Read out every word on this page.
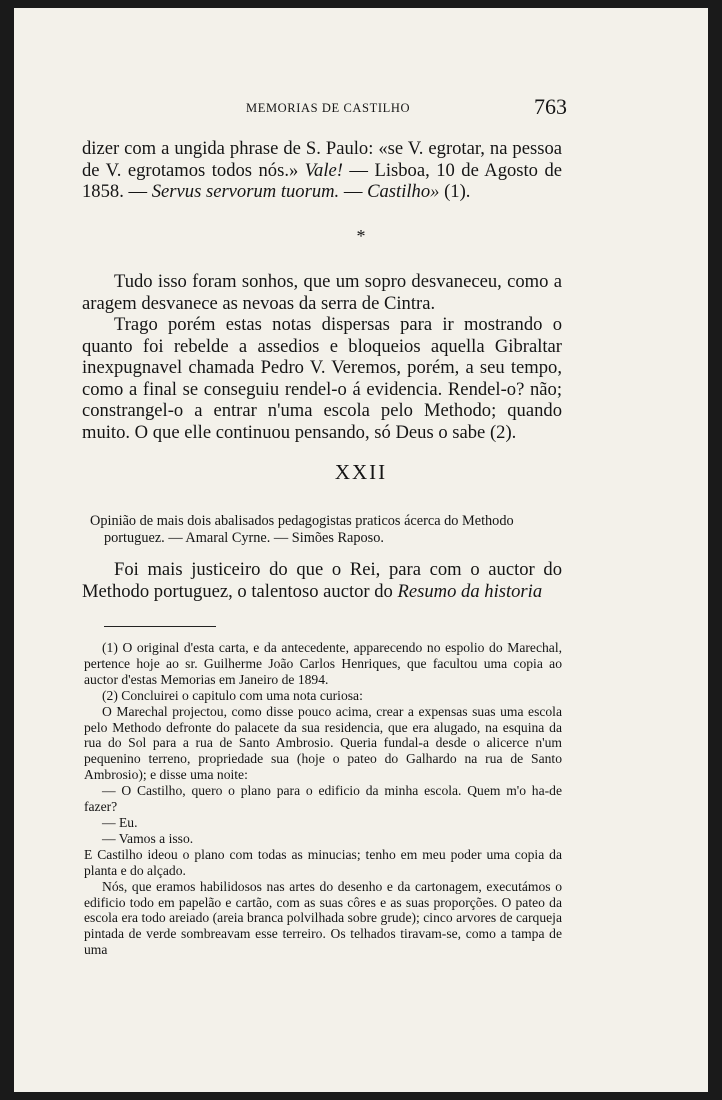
MEMORIAS DE CASTILHO	763

dizer com a ungida phrase de S. Paulo: «se V. egrotar, na pessoa de V. egrotamos todos nós.» Vale! — Lisboa, 10 de Agosto de 1858. — Servus servorum tuorum. — Castilho» (1).

*

Tudo isso foram sonhos, que um sopro desvaneceu, como a aragem desvanece as nevoas da serra de Cintra.

Trago porém estas notas dispersas para ir mostrando o quanto foi rebelde a assedios e bloqueios aquella Gibraltar inexpugnavel chamada Pedro V. Veremos, porém, a seu tempo, como a final se conseguiu rendel-o á evidencia. Rendel-o? não; constrangel-o a entrar n'uma escola pelo Methodo; quando muito. O que elle continuou pensando, só Deus o sabe (2).

XXII
Opinião de mais dois abalisados pedagogistas praticos ácerca do Methodo
portuguez. — Amaral Cyrne. — Simões Raposo.

Foi mais justiceiro do que o Rei, para com o auctor do Methodo portuguez, o talentoso auctor do Resumo da historia

(1) O original d'esta carta, e da antecedente, apparecendo no espolio do Marechal, pertence hoje ao sr. Guilherme João Carlos Henriques, que facultou uma copia ao auctor d'estas Memorias em Janeiro de 1894.

(2) Concluirei o capitulo com uma nota curiosa:

O Marechal projectou, como disse pouco acima, crear a expensas suas uma escola pelo Methodo defronte do palacete da sua residencia, que era alugado, na esquina da rua do Sol para a rua de Santo Ambrosio. Queria fundal-a desde o alicerce n'um pequenino terreno, propriedade sua (hoje o pateo do Galhardo na rua de Santo Ambrosio); e disse uma noite:

— O Castilho, quero o plano para o edificio da minha escola. Quem m'o ha-de fazer?

— Eu.

— Vamos a isso.

E Castilho ideou o plano com todas as minucias; tenho em meu poder uma copia da planta e do alçado.

Nós, que eramos habilidosos nas artes do desenho e da cartonagem, executámos o edificio todo em papelão e cartão, com as suas côres e as suas proporções. O pateo da escola era todo areiado (areia branca polvilhada sobre grude); cinco arvores de carqueja pintada de verde sombreavam esse terreiro. Os telhados tiravam-se, como a tampa de uma
